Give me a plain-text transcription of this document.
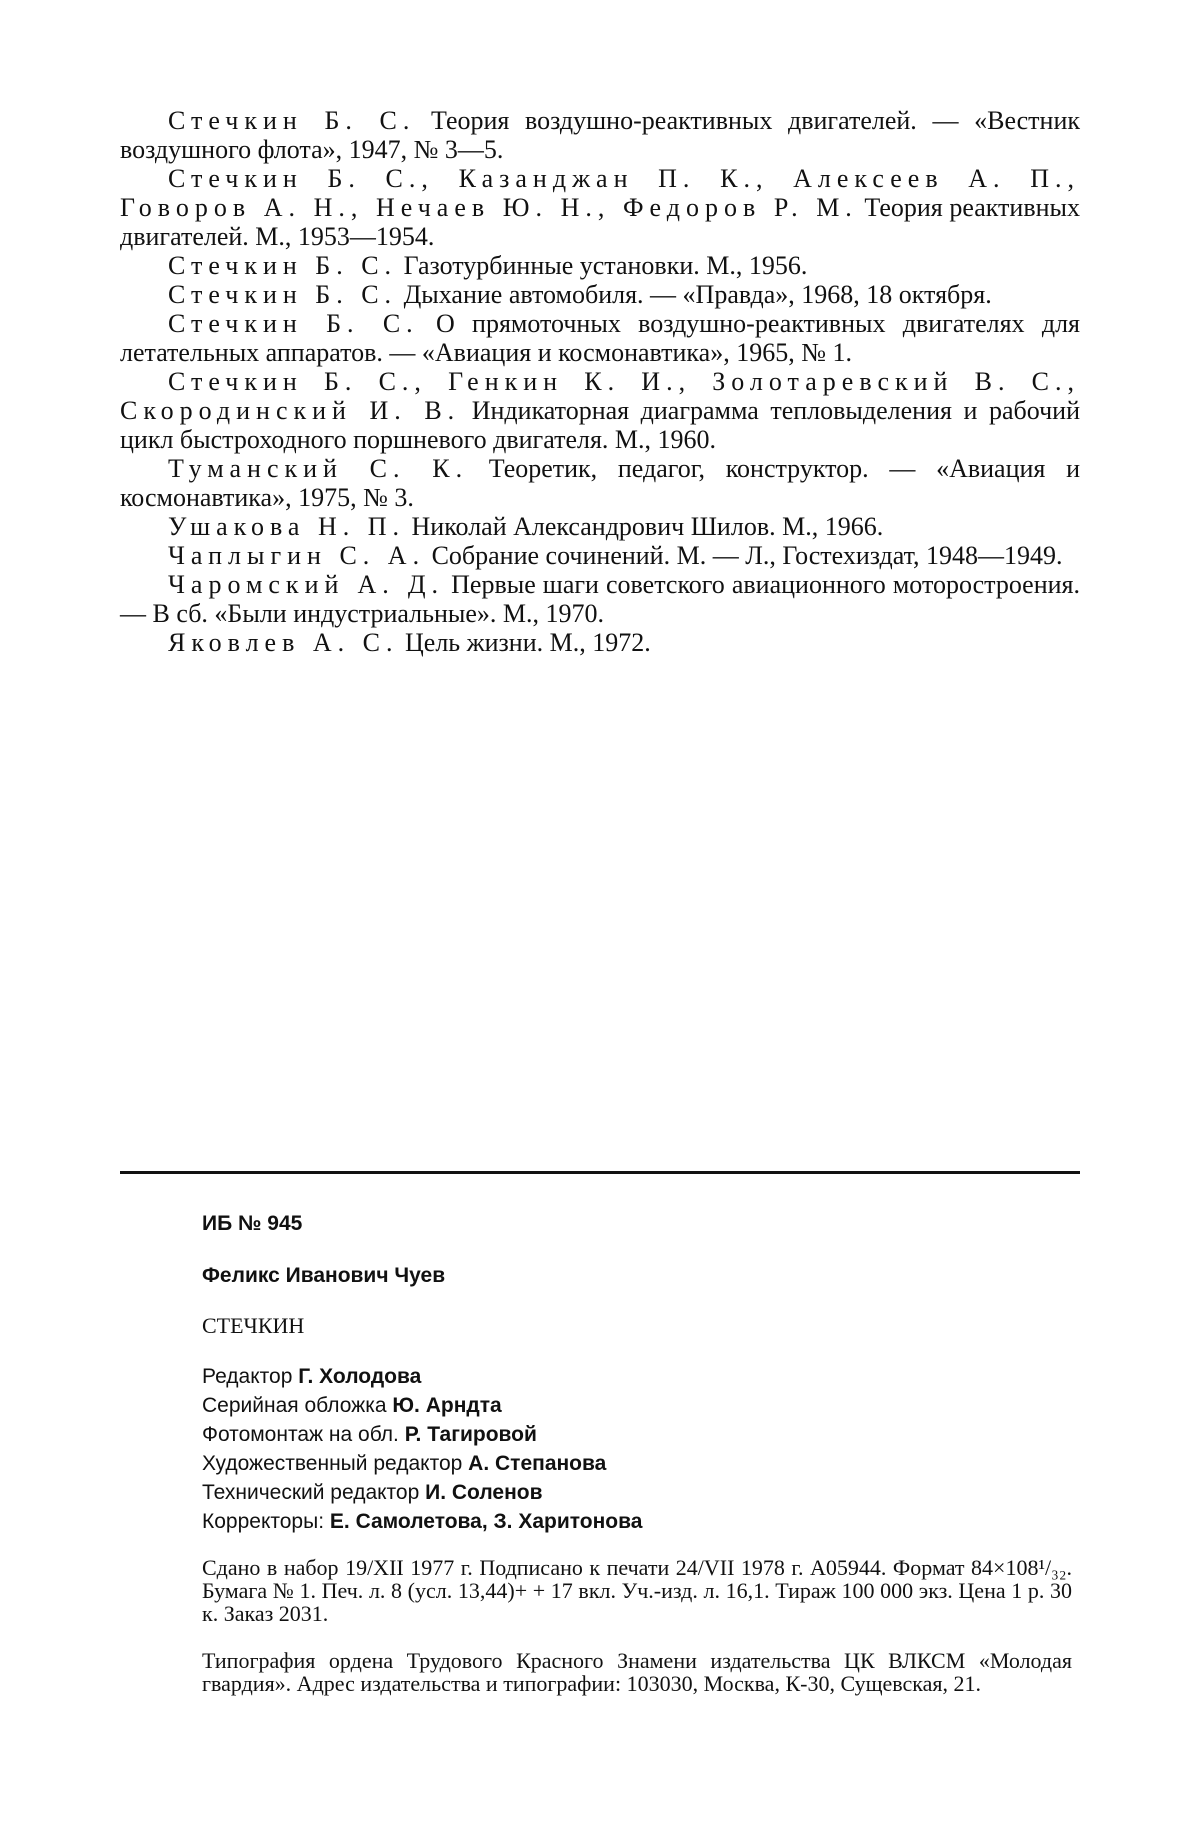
Стечкин Б. С. Теория воздушно-реактивных двигателей. — «Вестник воздушного флота», 1947, № 3—5.

Стечкин Б. С., Казанджан П. К., Алексеев А. П., Говоров А. Н., Нечаев Ю. Н., Федоров Р. М. Теория реактивных двигателей. М., 1953—1954.

Стечкин Б. С. Газотурбинные установки. М., 1956.

Стечкин Б. С. Дыхание автомобиля. — «Правда», 1968, 18 октября.

Стечкин Б. С. О прямоточных воздушно-реактивных двигателях для летательных аппаратов. — «Авиация и космонавтика», 1965, № 1.

Стечкин Б. С., Генкин К. И., Золотаревский В. С., Скородинский И. В. Индикаторная диаграмма тепловыделения и рабочий цикл быстроходного поршневого двигателя. М., 1960.

Туманский С. К. Теоретик, педагог, конструктор. — «Авиация и космонавтика», 1975, № 3.

Ушакова Н. П. Николай Александрович Шилов. М., 1966.

Чаплыгин С. А. Собрание сочинений. М. — Л., Гостехиздат, 1948—1949.

Чаромский А. Д. Первые шаги советского авиационного моторостроения. — В сб. «Были индустриальные». М., 1970.

Яковлев А. С. Цель жизни. М., 1972.

ИБ № 945

Феликс Иванович Чуев

СТЕЧКИН

Редактор Г. Холодова

Серийная обложка Ю. Арндта

Фотомонтаж на обл. Р. Тагировой

Художественный редактор А. Степанова

Технический редактор И. Соленов

Корректоры: Е. Самолетова, З. Харитонова

Сдано в набор 19/XII 1977 г. Подписано к печати 24/VII 1978 г. А05944. Формат 84×108¹/₃₂. Бумага № 1. Печ. л. 8 (усл. 13,44)+ + 17 вкл. Уч.-изд. л. 16,1. Тираж 100 000 экз. Цена 1 р. 30 к. Заказ 2031.

Типография ордена Трудового Красного Знамени издательства ЦК ВЛКСМ «Молодая гвардия». Адрес издательства и типографии: 103030, Москва, К-30, Сущевская, 21.
